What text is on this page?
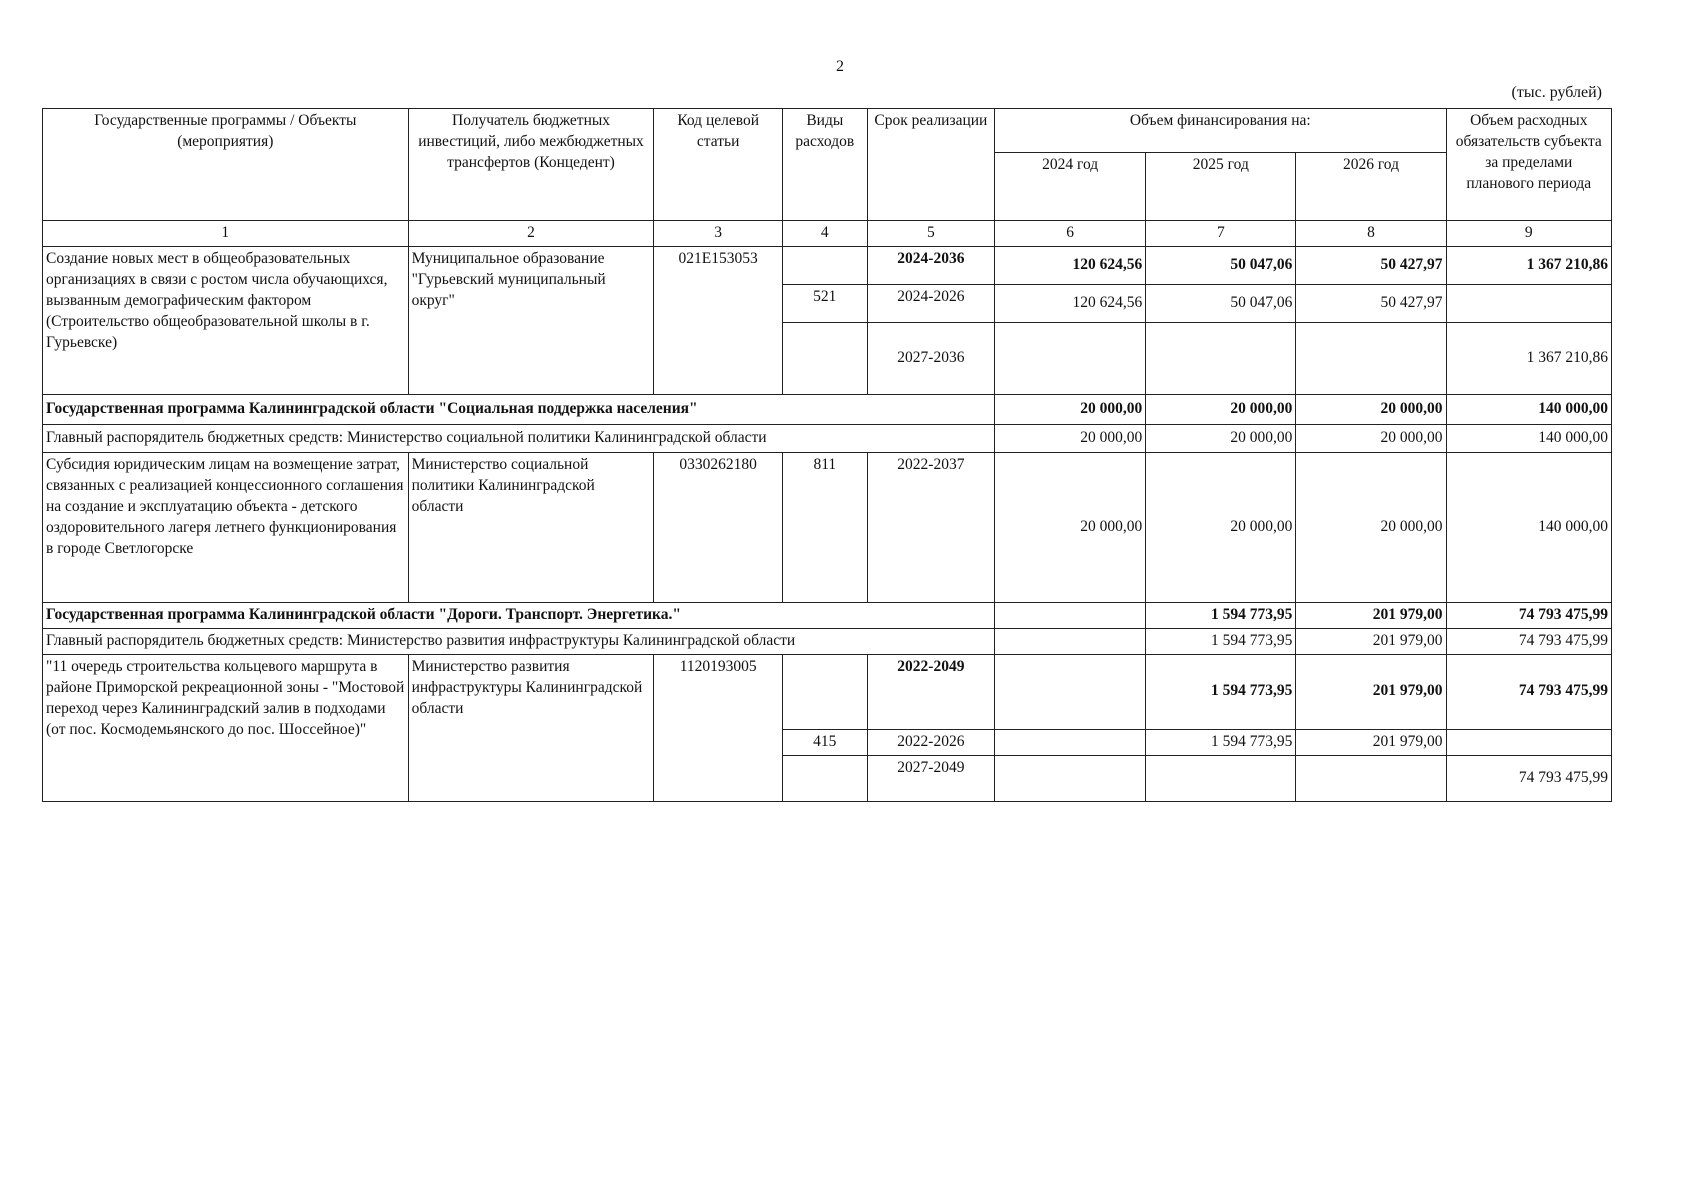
2
(тыс. рублей)
Государственные программы / Объекты (мероприятия)	Получатель бюджетных инвестиций, либо межбюджетных трансфертов (Концедент)	Код целевой статьи	Виды расходов	Срок реализации	Объем финансирования на:			Объем расходных обязательств субъекта за пределами планового периода
					2024 год	2025 год	2026 год	
1	2	3	4	5	6	7	8	9
Создание новых мест в общеобразовательных организациях в связи с ростом числа обучающихся, вызванным демографическим фактором (Строительство общеобразовательной школы в г. Гурьевске)	Муниципальное образование "Гурьевский муниципальный округ"	021E153053		2024-2036	120 624,56	50 047,06	50 427,97	1 367 210,86
			521	2024-2026	120 624,56	50 047,06	50 427,97	
				2027-2036				1 367 210,86
Государственная программа Калининградской области "Социальная поддержка населения"					20 000,00	20 000,00	20 000,00	140 000,00
Главный распорядитель бюджетных средств: Министерство социальной политики Калининградской области					20 000,00	20 000,00	20 000,00	140 000,00
Субсидия юридическим лицам на возмещение затрат, связанных с реализацией концессионного соглашения на создание и эксплуатацию объекта - детского оздоровительного лагеря летнего функционирования в городе Светлогорске	Министерство социальной политики Калининградской области	0330262180	811	2022-2037	20 000,00	20 000,00	20 000,00	140 000,00
Государственная программа Калининградской области "Дороги. Транспорт. Энергетика."						1 594 773,95	201 979,00	74 793 475,99
Главный распорядитель бюджетных средств: Министерство развития инфраструктуры Калининградской области						1 594 773,95	201 979,00	74 793 475,99
"11 очередь строительства кольцевого маршрута в районе Приморской рекреационной зоны - "Мостовой переход через Калининградский залив в подходами (от пос. Космодемьянского до пос. Шоссейное)"	Министерство развития инфраструктуры Калининградской области	1120193005		2022-2049		1 594 773,95	201 979,00	74 793 475,99
			415	2022-2026		1 594 773,95	201 979,00	
				2027-2049				74 793 475,99
